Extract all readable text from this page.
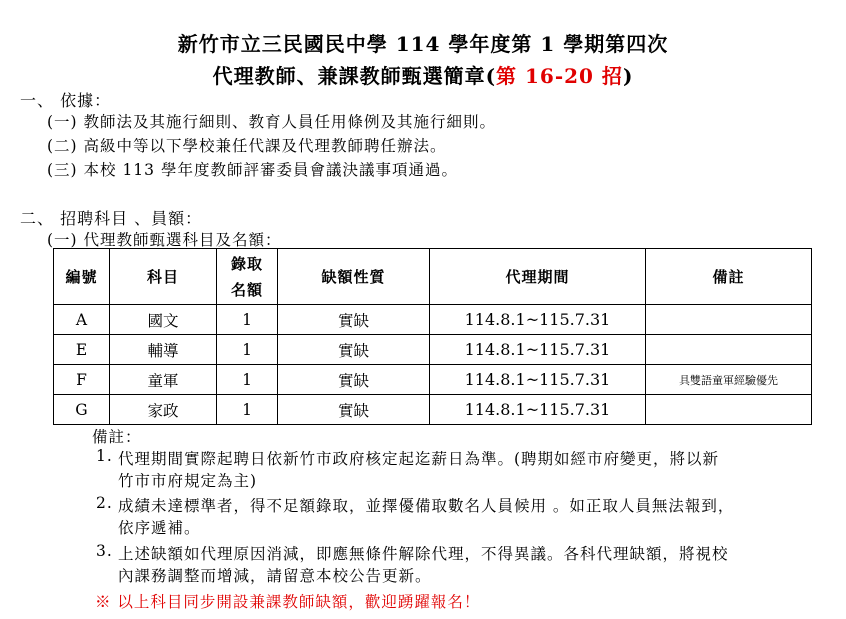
新竹市立三民國民中學 114 學年度第 1 學期第四次
代理教師、兼課教師甄選簡章(第 16-20 招)
一、 依據：
(一) 教師法及其施行細則、教育人員任用條例及其施行細則。
(二) 高級中等以下學校兼任代課及代理教師聘任辦法。
(三) 本校 113 學年度教師評審委員會議決議事項通過。
二、 招聘科目 、員額：
(一) 代理教師甄選科目及名額：
編號	科目	錄取名額	缺額性質	代理期間	備註
A	國文	1	實缺	114.8.1~115.7.31	
E	輔導	1	實缺	114.8.1~115.7.31	
F	童軍	1	實缺	114.8.1~115.7.31	具雙語童軍經驗優先
G	家政	1	實缺	114.8.1~115.7.31	
備註：
1. 代理期間實際起聘日依新竹市政府核定起迄薪日為準。(聘期如經市府變更，將以新
竹市市府規定為主)
2. 成績未達標準者，得不足額錄取，並擇優備取數名人員候用 。如正取人員無法報到，
依序遞補。
3. 上述缺額如代理原因消減，即應無條件解除代理，不得異議。各科代理缺額，將視校
內課務調整而增減，請留意本校公告更新。
※ 以上科目同步開設兼課教師缺額，歡迎踴躍報名！
